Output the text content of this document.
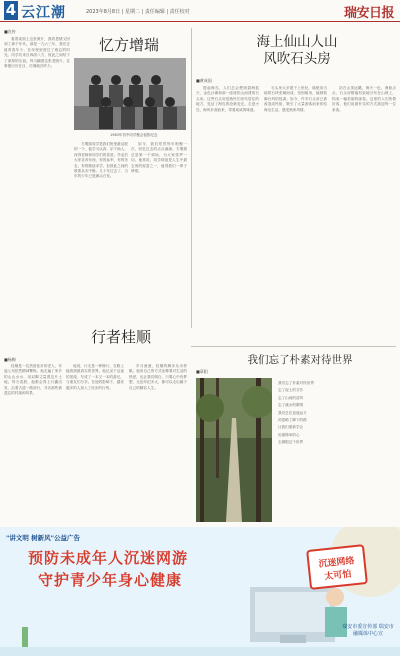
4 云江潮	2023年8月8日 | 星期二 | 责任编辑 | 责任校对	瑞安日报
■宣传
忆方增瑞

看着桌面上这张照片，我的思绪又回到了那个年代。那是一九六三年，我们正值青春年少，在母校里度过了难忘的时光。同学们来自四面八方，彼此之间结下了深厚的友谊。每当翻看这张老照片，往事便历历在目，仿佛就在昨天。

1963年初中同学聚会留影纪念

方增瑞同学是我们班里最活跃的一个，他学习认真，乐于助人，深得老师和同学们的喜爱。毕业后大家各奔东西，有的参军，有的务农，有的继续求学，但彼此之间的联系从未中断。几十年过去了，当年的少年已是满头白发。

如今，我们依然每年相聚一次，回忆过去的点点滴滴。方增瑞总是第一个到场，为大家张罗一切。他常说，同学情谊是人生中最宝贵的财富之一，值得我们一辈子珍惜。

海上仙山人山
风吹石头房
■黄成国

提起海岛，人们总会想到碧海蓝天、金色沙滩和那一座座依山而建的石头房。这些石头房是渔民们世代居住的地方，见证了海岛的沧桑变迁。走进小岛，海风扑面而来，带着咸咸的味道。

石头房大多建于上世纪，墙壁用当地的石块垒砌而成，坚固耐用，能够抵御台风的侵袭。如今，许多石头房已被改造成民宿，吸引了大量游客前来体验海岛生活，感受渔家风情。

站在山顶远眺，海天一色，渔船点点，石头房错落有致地分布在山坡上，构成一幅美丽的画卷。这里的人们热情好客，他们用最朴实的方式欢迎每一位来客。

行者桂顺
■杨梅

桂顺是一位热爱徒步的老人，年逾七旬依然精神矍铄。他走遍了家乡的山山水水，用双脚丈量着这片土地。每天清晨，他都会背上行囊出发，沿着古道一路前行，寻访那些被遗忘的村落和风景。

他说，行走是一种修行，在路上能看到最真实的世界。他记录下沿途的见闻，写成了一本又一本的游记，与朋友们分享。在他的影响下，越来越多的人加入了徒步的行列。

岁月流逝，桂顺的脚步从未停歇。他用自己的方式诠释着对生活的热爱，也让我们明白，只要心中有梦想，无论年纪多大，都可以走出属于自己的精彩人生。

我们忘了朴素对待世界
■章阳
我们忘了朴素对待世界
忘了泥土的芬芳
忘了山间的清风
忘了溪水的歌唱
我们总在追逐远方
却忽略了脚下的路
让我们重新学会
用最简单的心
去拥抱这个世界
"讲文明 树新风"公益广告
预防未成年人沉迷网游
守护青少年身心健康
沉迷网络
太可怕
瑞安市委宣传部 瑞安市融媒体中心宣
